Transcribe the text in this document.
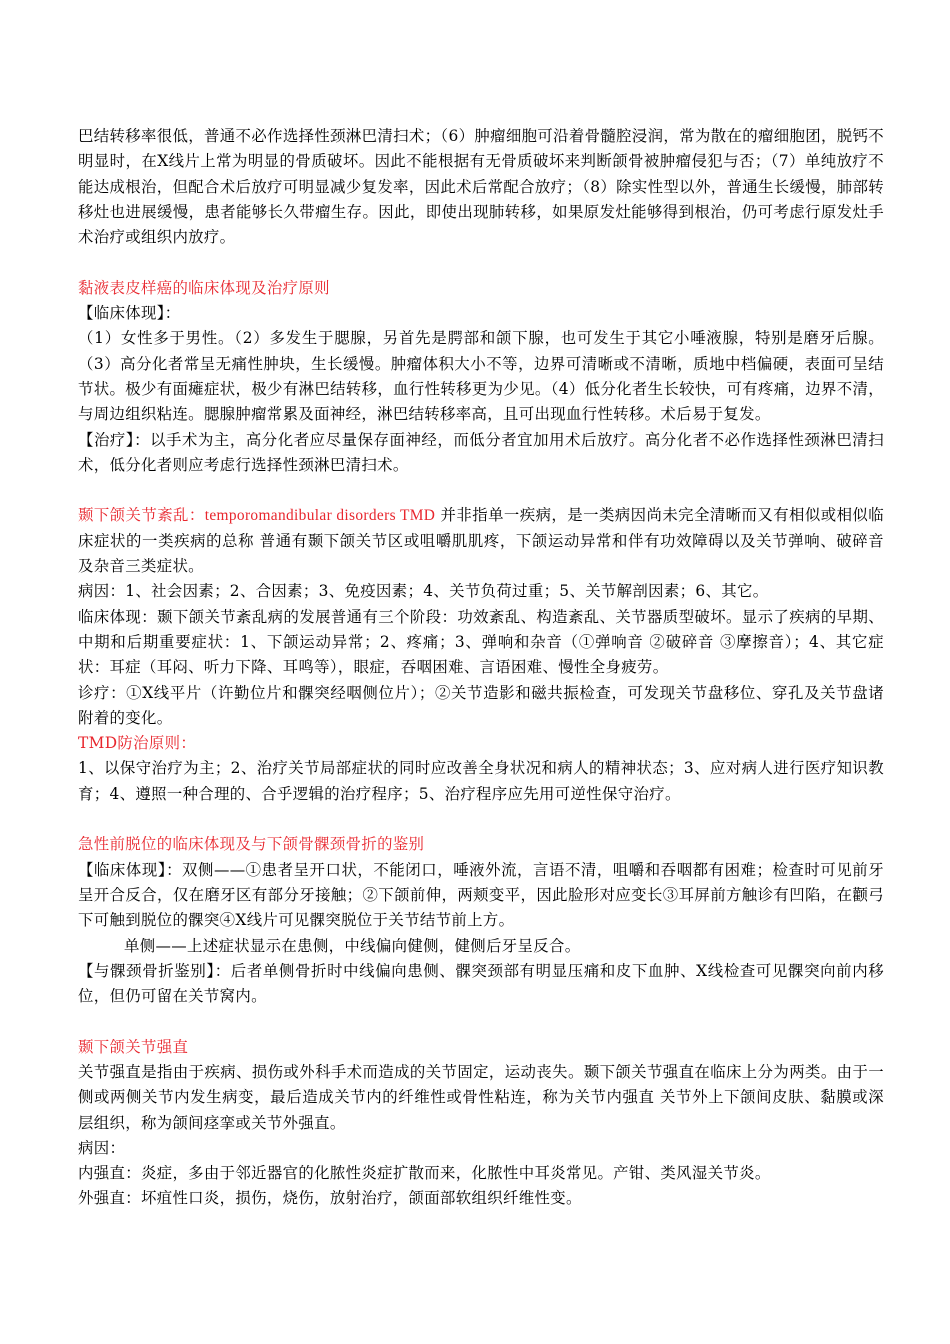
巴结转移率很低，普通不必作选择性颈淋巴清扫术；（6）肿瘤细胞可沿着骨髓腔浸润，常为散在的瘤细胞团，脱钙不明显时，在X线片上常为明显的骨质破坏。因此不能根据有无骨质破坏来判断颌骨被肿瘤侵犯与否；（7）单纯放疗不能达成根治，但配合术后放疗可明显减少复发率，因此术后常配合放疗；（8）除实性型以外，普通生长缓慢，肺部转移灶也进展缓慢，患者能够长久带瘤生存。因此，即使出现肺转移，如果原发灶能够得到根治，仍可考虑行原发灶手术治疗或组织内放疗。

黏液表皮样癌的临床体现及治疗原则

【临床体现】：

（1）女性多于男性。（2）多发生于腮腺，另首先是腭部和颌下腺，也可发生于其它小唾液腺，特别是磨牙后腺。（3）高分化者常呈无痛性肿块，生长缓慢。肿瘤体积大小不等，边界可清晰或不清晰，质地中档偏硬，表面可呈结节状。极少有面瘫症状，极少有淋巴结转移，血行性转移更为少见。（4）低分化者生长较快，可有疼痛，边界不清，与周边组织粘连。腮腺肿瘤常累及面神经，淋巴结转移率高，且可出现血行性转移。术后易于复发。

【治疗】：以手术为主，高分化者应尽量保存面神经，而低分者宜加用术后放疗。高分化者不必作选择性颈淋巴清扫术，低分化者则应考虑行选择性颈淋巴清扫术。

颞下颌关节紊乱：temporomandibular disorders TMD 并非指单一疾病，是一类病因尚未完全清晰而又有相似或相似临床症状的一类疾病的总称 普通有颞下颌关节区或咀嚼肌肌疼，下颌运动异常和伴有功效障碍以及关节弹响、破碎音及杂音三类症状。

病因：1、社会因素；2、合因素；3、免疫因素；4、关节负荷过重；5、关节解剖因素；6、其它。

临床体现：颞下颌关节紊乱病的发展普通有三个阶段：功效紊乱、构造紊乱、关节器质型破坏。显示了疾病的早期、中期和后期重要症状：1、下颌运动异常；2、疼痛；3、弹响和杂音（①弹响音 ②破碎音 ③摩擦音）；4、其它症状：耳症（耳闷、听力下降、耳鸣等），眼症，吞咽困难、言语困难、慢性全身疲劳。

诊疗：①X线平片（许勤位片和髁突经咽侧位片）；②关节造影和磁共振检查，可发现关节盘移位、穿孔及关节盘诸附着的变化。

TMD防治原则：

1、以保守治疗为主；2、治疗关节局部症状的同时应改善全身状况和病人的精神状态；3、应对病人进行医疗知识教育；4、遵照一种合理的、合乎逻辑的治疗程序；5、治疗程序应先用可逆性保守治疗。

急性前脱位的临床体现及与下颌骨髁颈骨折的鉴别

【临床体现】：双侧——①患者呈开口状，不能闭口，唾液外流，言语不清，咀嚼和吞咽都有困难；检查时可见前牙呈开合反合，仅在磨牙区有部分牙接触；②下颌前伸，两颊变平，因此脸形对应变长③耳屏前方触诊有凹陷，在颧弓下可触到脱位的髁突④X线片可见髁突脱位于关节结节前上方。

单侧——上述症状显示在患侧，中线偏向健侧，健侧后牙呈反合。

【与髁颈骨折鉴别】：后者单侧骨折时中线偏向患侧、髁突颈部有明显压痛和皮下血肿、X线检查可见髁突向前内移位，但仍可留在关节窝内。

颞下颌关节强直

关节强直是指由于疾病、损伤或外科手术而造成的关节固定，运动丧失。颞下颌关节强直在临床上分为两类。由于一侧或两侧关节内发生病变，最后造成关节内的纤维性或骨性粘连，称为关节内强直 关节外上下颌间皮肤、黏膜或深层组织，称为颌间痉挛或关节外强直。

病因：

内强直：炎症，多由于邻近器官的化脓性炎症扩散而来，化脓性中耳炎常见。产钳、类风湿关节炎。

外强直：坏疽性口炎，损伤，烧伤，放射治疗，颌面部软组织纤维性变。
